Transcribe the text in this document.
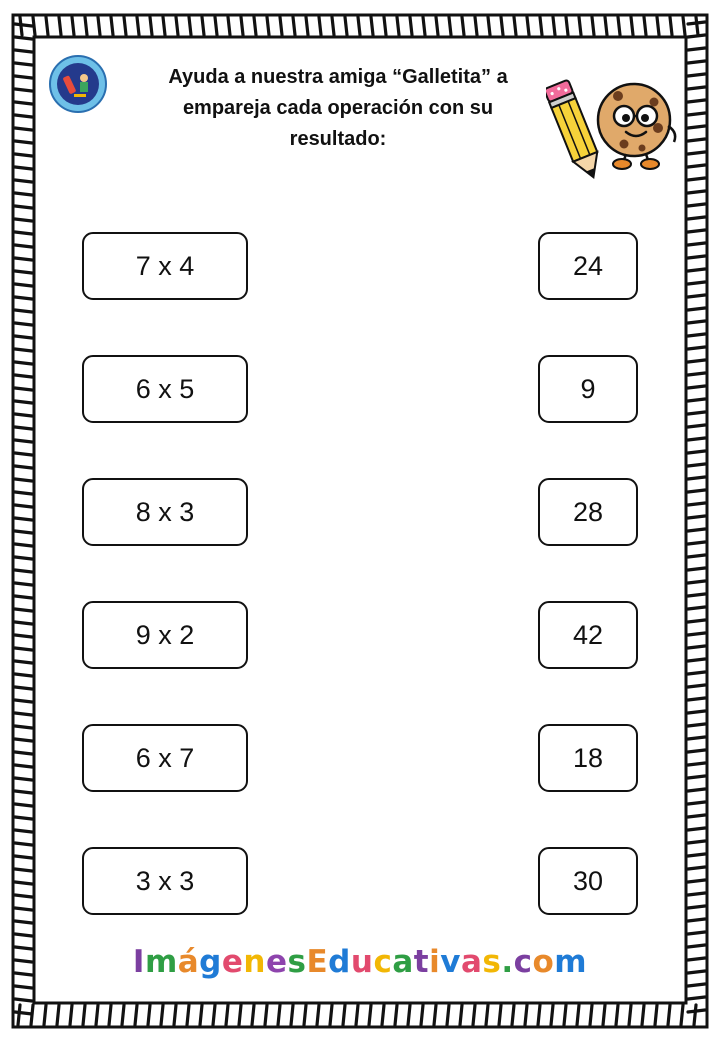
Ayuda a nuestra amiga “Galletita” a
empareja cada operación con su
resultado:
7 x 4
6 x 5
8 x 3
9 x 2
6 x 7
3 x 3
24
9
28
42
18
30
ImágenesEducativas.com
